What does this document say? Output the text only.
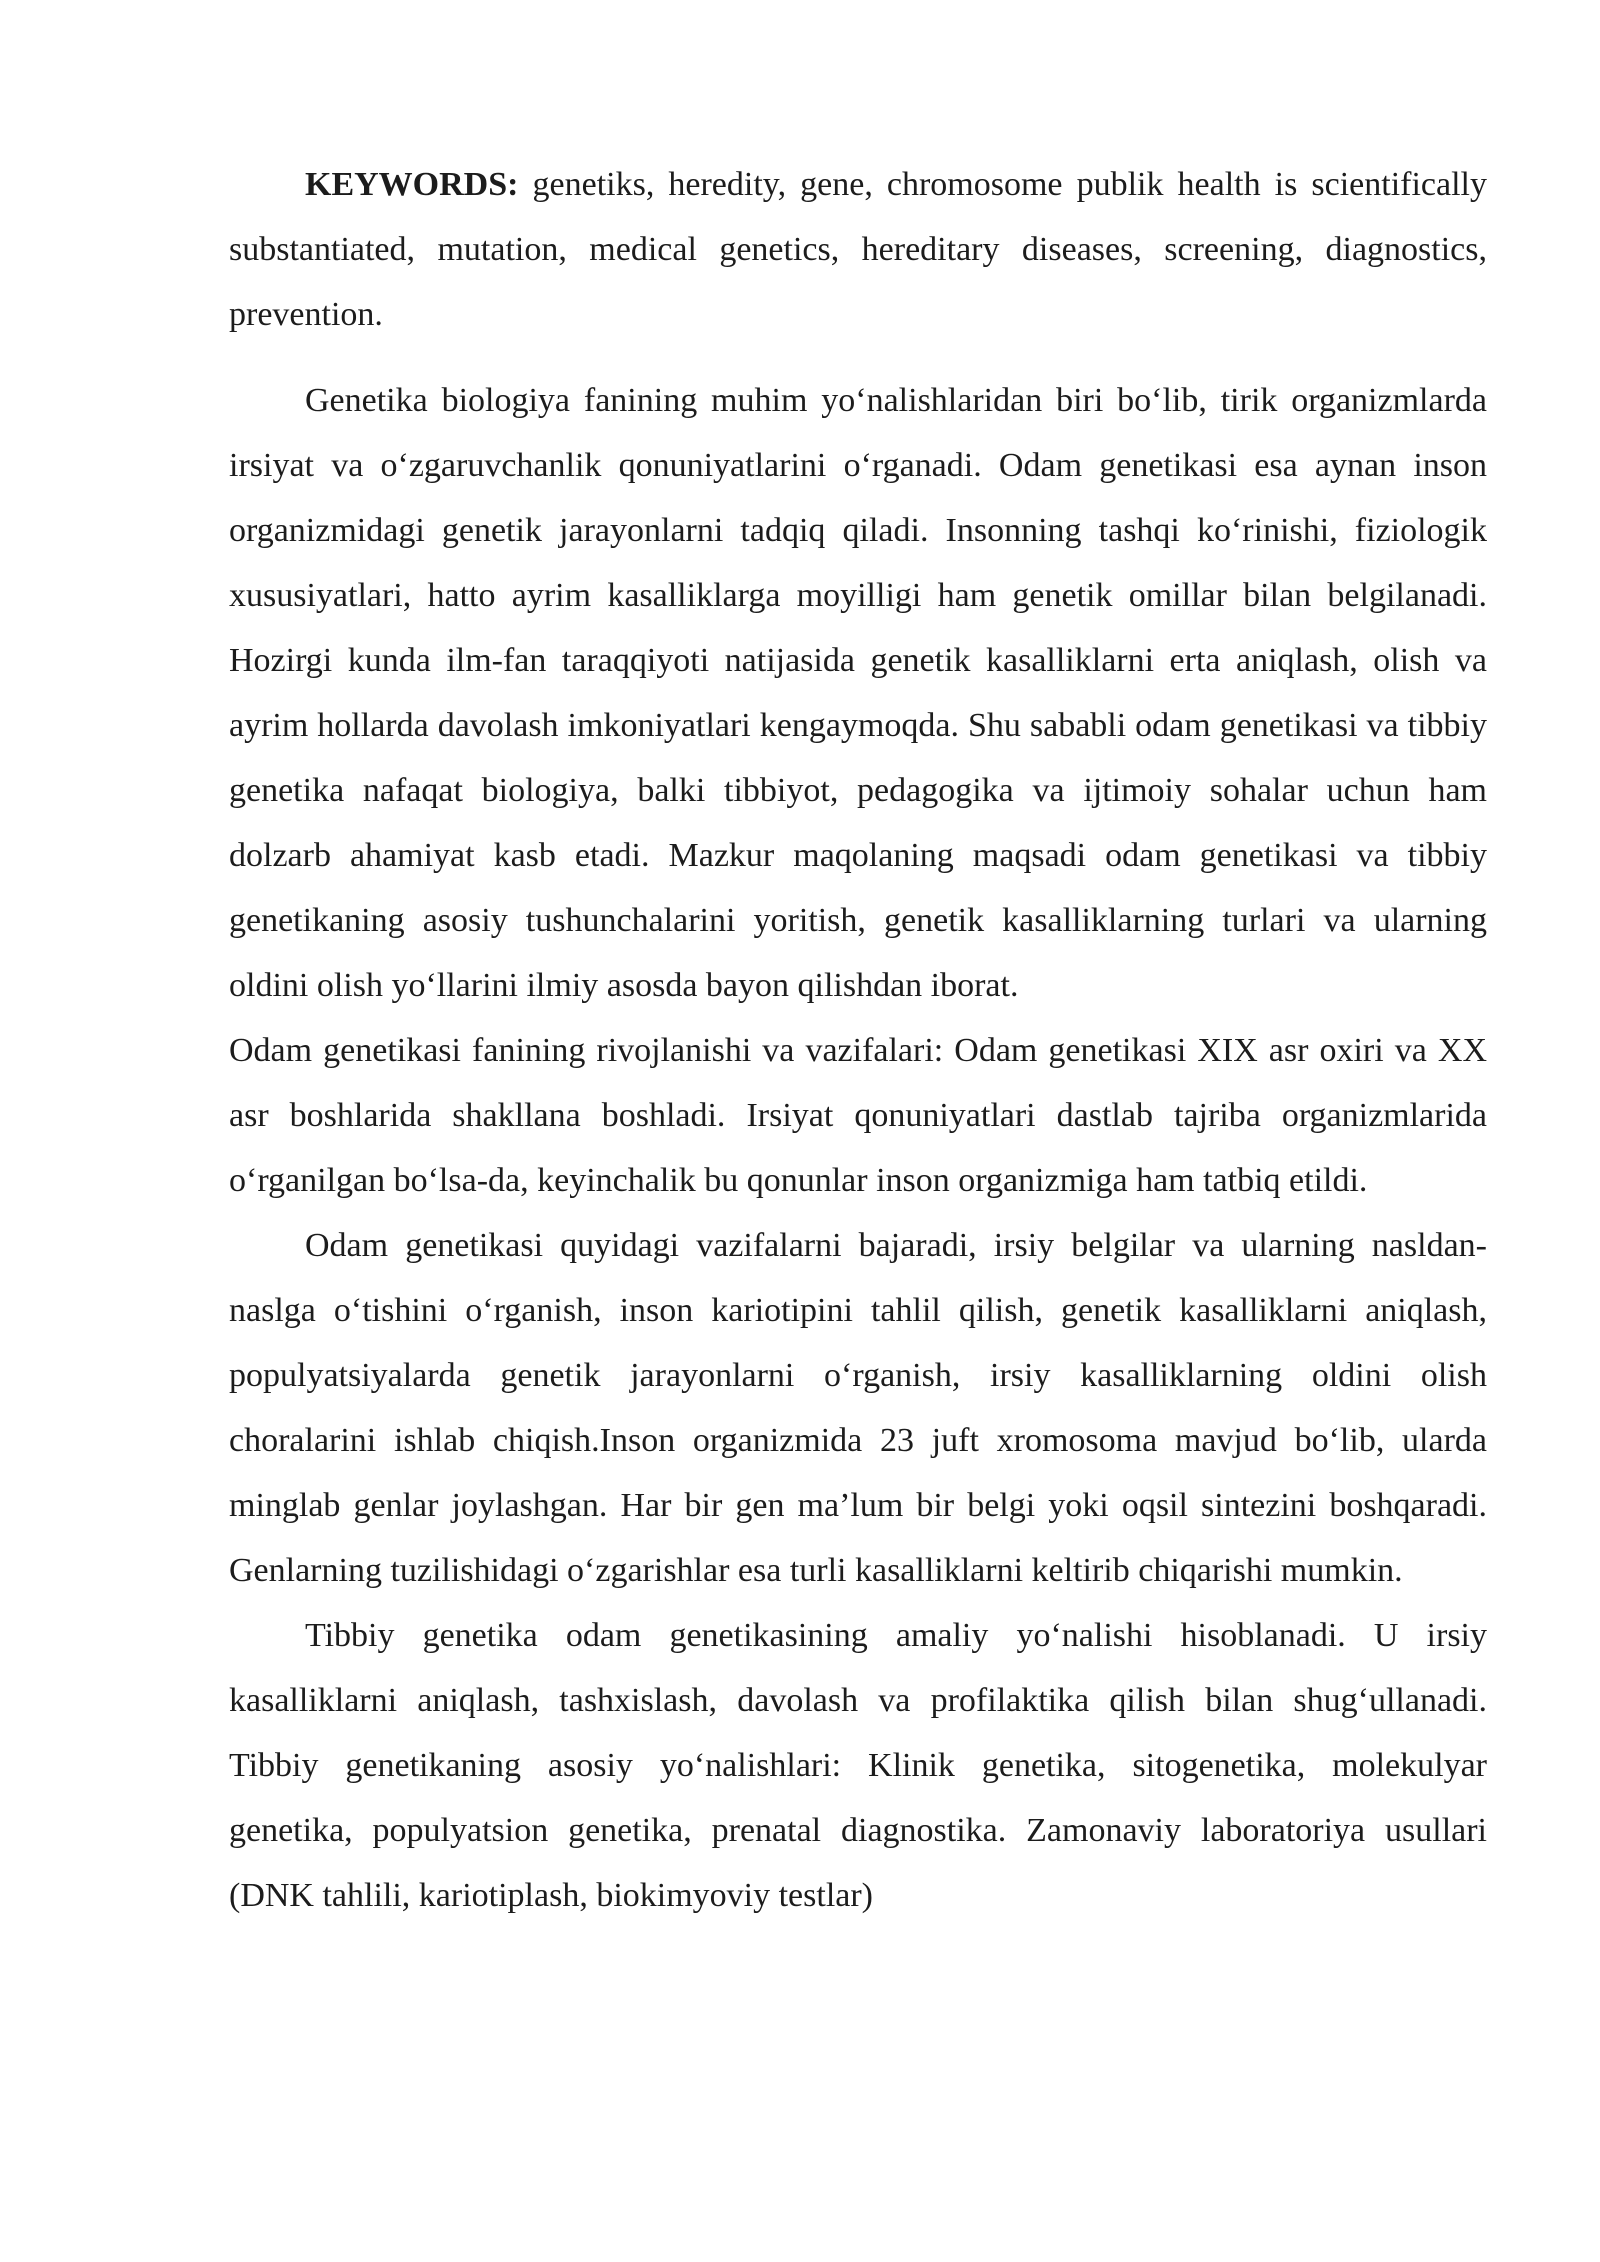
KEYWORDS: genetiks, heredity, gene, chromosome publik health is scientifically substantiated, mutation, medical genetics, hereditary diseases, screening, diagnostics, prevention.

Genetika biologiya fanining muhim yo‘nalishlaridan biri bo‘lib, tirik organizmlarda irsiyat va o‘zgaruvchanlik qonuniyatlarini o‘rganadi. Odam genetikasi esa aynan inson organizmidagi genetik jarayonlarni tadqiq qiladi. Insonning tashqi ko‘rinishi, fiziologik xususiyatlari, hatto ayrim kasalliklarga moyilligi ham genetik omillar bilan belgilanadi. Hozirgi kunda ilm-fan taraqqiyoti natijasida genetik kasalliklarni erta aniqlash, olish va ayrim hollarda davolash imkoniyatlari kengaymoqda. Shu sababli odam genetikasi va tibbiy genetika nafaqat biologiya, balki tibbiyot, pedagogika va ijtimoiy sohalar uchun ham dolzarb ahamiyat kasb etadi. Mazkur maqolaning maqsadi odam genetikasi va tibbiy genetikaning asosiy tushunchalarini yoritish, genetik kasalliklarning turlari va ularning oldini olish yo‘llarini ilmiy asosda bayon qilishdan iborat.

Odam genetikasi fanining rivojlanishi va vazifalari: Odam genetikasi XIX asr oxiri va XX asr boshlarida shakllana boshladi. Irsiyat qonuniyatlari dastlab tajriba organizmlarida o‘rganilgan bo‘lsa-da, keyinchalik bu qonunlar inson organizmiga ham tatbiq etildi.

Odam genetikasi quyidagi vazifalarni bajaradi, irsiy belgilar va ularning nasldan-naslga o‘tishini o‘rganish, inson kariotipini tahlil qilish, genetik kasalliklarni aniqlash, populyatsiyalarda genetik jarayonlarni o‘rganish, irsiy kasalliklarning oldini olish choralarini ishlab chiqish.Inson organizmida 23 juft xromosoma mavjud bo‘lib, ularda minglab genlar joylashgan. Har bir gen ma’lum bir belgi yoki oqsil sintezini boshqaradi. Genlarning tuzilishidagi o‘zgarishlar esa turli kasalliklarni keltirib chiqarishi mumkin.

Tibbiy genetika odam genetikasining amaliy yo‘nalishi hisoblanadi. U irsiy kasalliklarni aniqlash, tashxislash, davolash va profilaktika qilish bilan shug‘ullanadi. Tibbiy genetikaning asosiy yo‘nalishlari: Klinik genetika, sitogenetika, molekulyar genetika, populyatsion genetika, prenatal diagnostika. Zamonaviy laboratoriya usullari (DNK tahlili, kariotiplash, biokimyoviy testlar)
